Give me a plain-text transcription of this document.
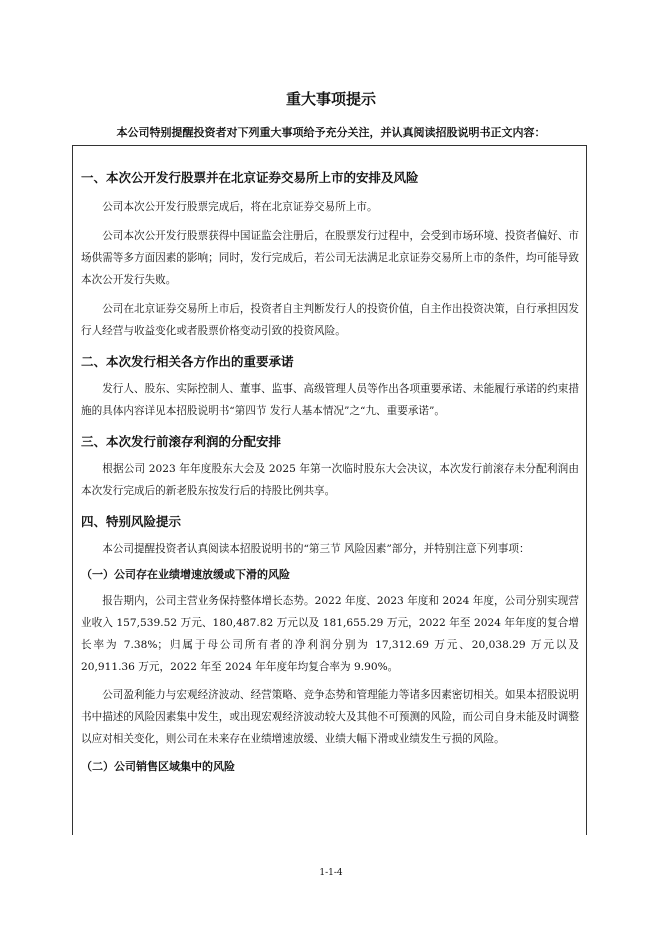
重大事项提示
本公司特别提醒投资者对下列重大事项给予充分关注，并认真阅读招股说明书正文内容：
一、本次公开发行股票并在北京证券交易所上市的安排及风险

公司本次公开发行股票完成后，将在北京证券交易所上市。

公司本次公开发行股票获得中国证监会注册后，在股票发行过程中，会受到市场环境、投资者偏好、市场供需等多方面因素的影响；同时，发行完成后，若公司无法满足北京证券交易所上市的条件，均可能导致本次公开发行失败。

公司在北京证券交易所上市后，投资者自主判断发行人的投资价值，自主作出投资决策，自行承担因发行人经营与收益变化或者股票价格变动引致的投资风险。

二、本次发行相关各方作出的重要承诺

发行人、股东、实际控制人、董事、监事、高级管理人员等作出各项重要承诺、未能履行承诺的约束措施的具体内容详见本招股说明书“第四节 发行人基本情况”之“九、重要承诺”。

三、本次发行前滚存利润的分配安排

根据公司 2023 年年度股东大会及 2025 年第一次临时股东大会决议，本次发行前滚存未分配利润由本次发行完成后的新老股东按发行后的持股比例共享。

四、特别风险提示

本公司提醒投资者认真阅读本招股说明书的“第三节 风险因素”部分，并特别注意下列事项：

（一）公司存在业绩增速放缓或下滑的风险

报告期内，公司主营业务保持整体增长态势。2022 年度、2023 年度和 2024 年度，公司分别实现营业收入 157,539.52 万元、180,487.82 万元以及 181,655.29 万元，2022 年至 2024 年年度的复合增长率为 7.38%；归属于母公司所有者的净利润分别为 17,312.69 万元、20,038.29 万元以及 20,911.36 万元，2022 年至 2024 年年度年均复合率为 9.90%。

公司盈利能力与宏观经济波动、经营策略、竞争态势和管理能力等诸多因素密切相关。如果本招股说明书中描述的风险因素集中发生，或出现宏观经济波动较大及其他不可预测的风险，而公司自身未能及时调整以应对相关变化，则公司在未来存在业绩增速放缓、业绩大幅下滑或业绩发生亏损的风险。

（二）公司销售区域集中的风险
1-1-4
